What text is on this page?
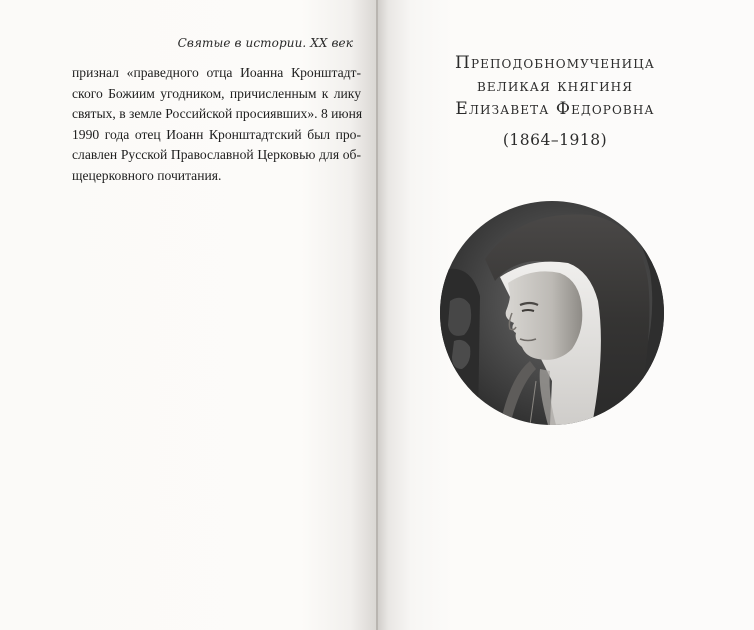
Святые в истории. XX век
признал «праведного отца Иоанна Кронштадт-
ского Божиим угодником, причисленным к лику
святых, в земле Российской просиявших». 8 июня
1990 года отец Иоанн Кронштадтский был про-
славлен Русской Православной Церковью для об-
щецерковного почитания.
Преподобномученица
великая княгиня
Елизавета Федоровна
(1864–1918)
